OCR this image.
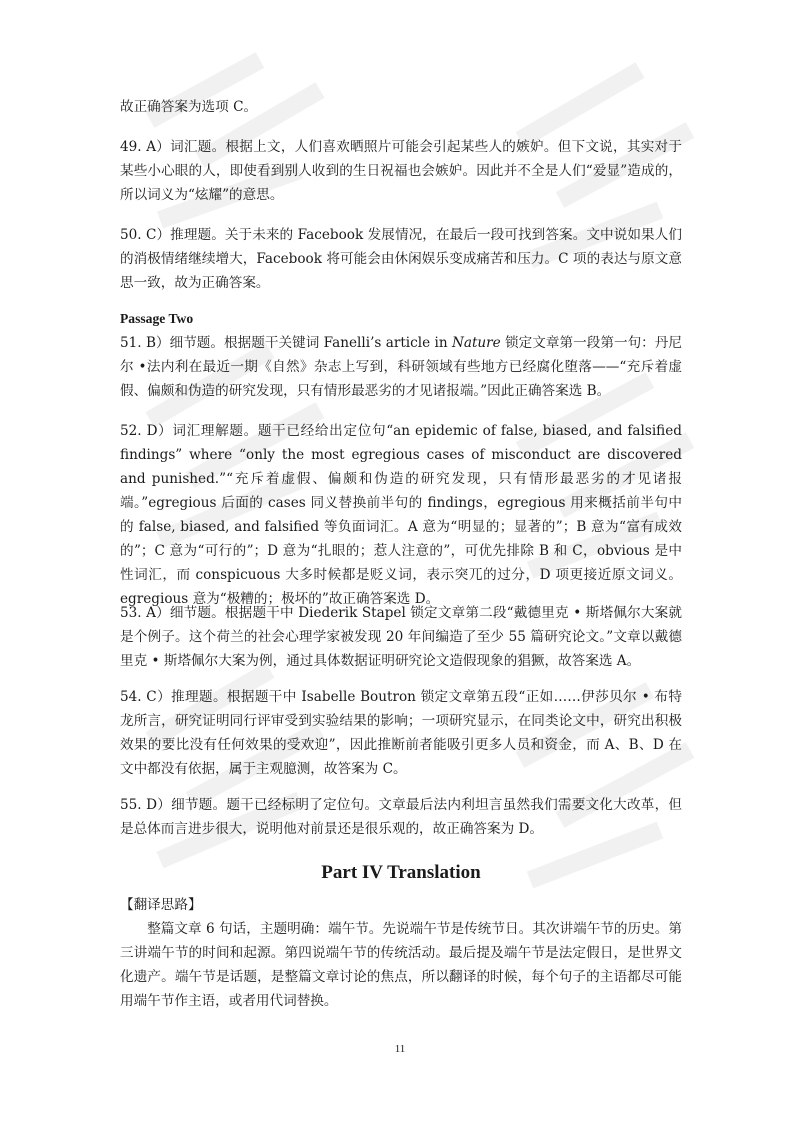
故正确答案为选项 C。

49. A）词汇题。根据上文，人们喜欢晒照片可能会引起某些人的嫉妒。但下文说，其实对于某些小心眼的人，即使看到别人收到的生日祝福也会嫉妒。因此并不全是人们“爱显”造成的，所以词义为“炫耀”的意思。

50. C）推理题。关于未来的 Facebook 发展情况，在最后一段可找到答案。文中说如果人们的消极情绪继续增大，Facebook 将可能会由休闲娱乐变成痛苦和压力。C 项的表达与原文意思一致，故为正确答案。

Passage Two

51. B）细节题。根据题干关键词 Fanelli’s article in Nature 锁定文章第一段第一句：丹尼尔 •法内利在最近一期《自然》杂志上写到，科研领域有些地方已经腐化堕落——“充斥着虚假、偏颇和伪造的研究发现，只有情形最恶劣的才见诸报端。”因此正确答案选 B。

52. D）词汇理解题。题干已经给出定位句“an epidemic of false, biased, and falsified findings” where “only the most egregious cases of misconduct are discovered and punished.”“充斥着虚假、偏颇和伪造的研究发现，只有情形最恶劣的才见诸报端。”egregious 后面的 cases 同义替换前半句的 findings，egregious 用来概括前半句中的 false, biased, and falsified 等负面词汇。A 意为“明显的；显著的”；B 意为“富有成效的”；C 意为“可行的”；D 意为“扎眼的；惹人注意的”，可优先排除 B 和 C，obvious 是中性词汇，而 conspicuous 大多时候都是贬义词，表示突兀的过分，D 项更接近原文词义。egregious 意为“极糟的；极坏的”故正确答案选 D。

53. A）细节题。根据题干中 Diederik Stapel 锁定文章第二段“戴德里克 • 斯塔佩尔大案就是个例子。这个荷兰的社会心理学家被发现 20 年间编造了至少 55 篇研究论文。”文章以戴德里克 • 斯塔佩尔大案为例，通过具体数据证明研究论文造假现象的猖獗，故答案选 A。

54. C）推理题。根据题干中 Isabelle Boutron 锁定文章第五段“正如……伊莎贝尔 • 布特龙所言，研究证明同行评审受到实验结果的影响；一项研究显示，在同类论文中，研究出积极效果的要比没有任何效果的受欢迎”，因此推断前者能吸引更多人员和资金，而 A、B、D 在文中都没有依据，属于主观臆测，故答案为 C。

55. D）细节题。题干已经标明了定位句。文章最后法内利坦言虽然我们需要文化大改革，但是总体而言进步很大，说明他对前景还是很乐观的，故正确答案为 D。

Part IV Translation

【翻译思路】

整篇文章 6 句话，主题明确：端午节。先说端午节是传统节日。其次讲端午节的历史。第三讲端午节的时间和起源。第四说端午节的传统活动。最后提及端午节是法定假日，是世界文化遗产。端午节是话题，是整篇文章讨论的焦点，所以翻译的时候，每个句子的主语都尽可能用端午节作主语，或者用代词替换。

11
